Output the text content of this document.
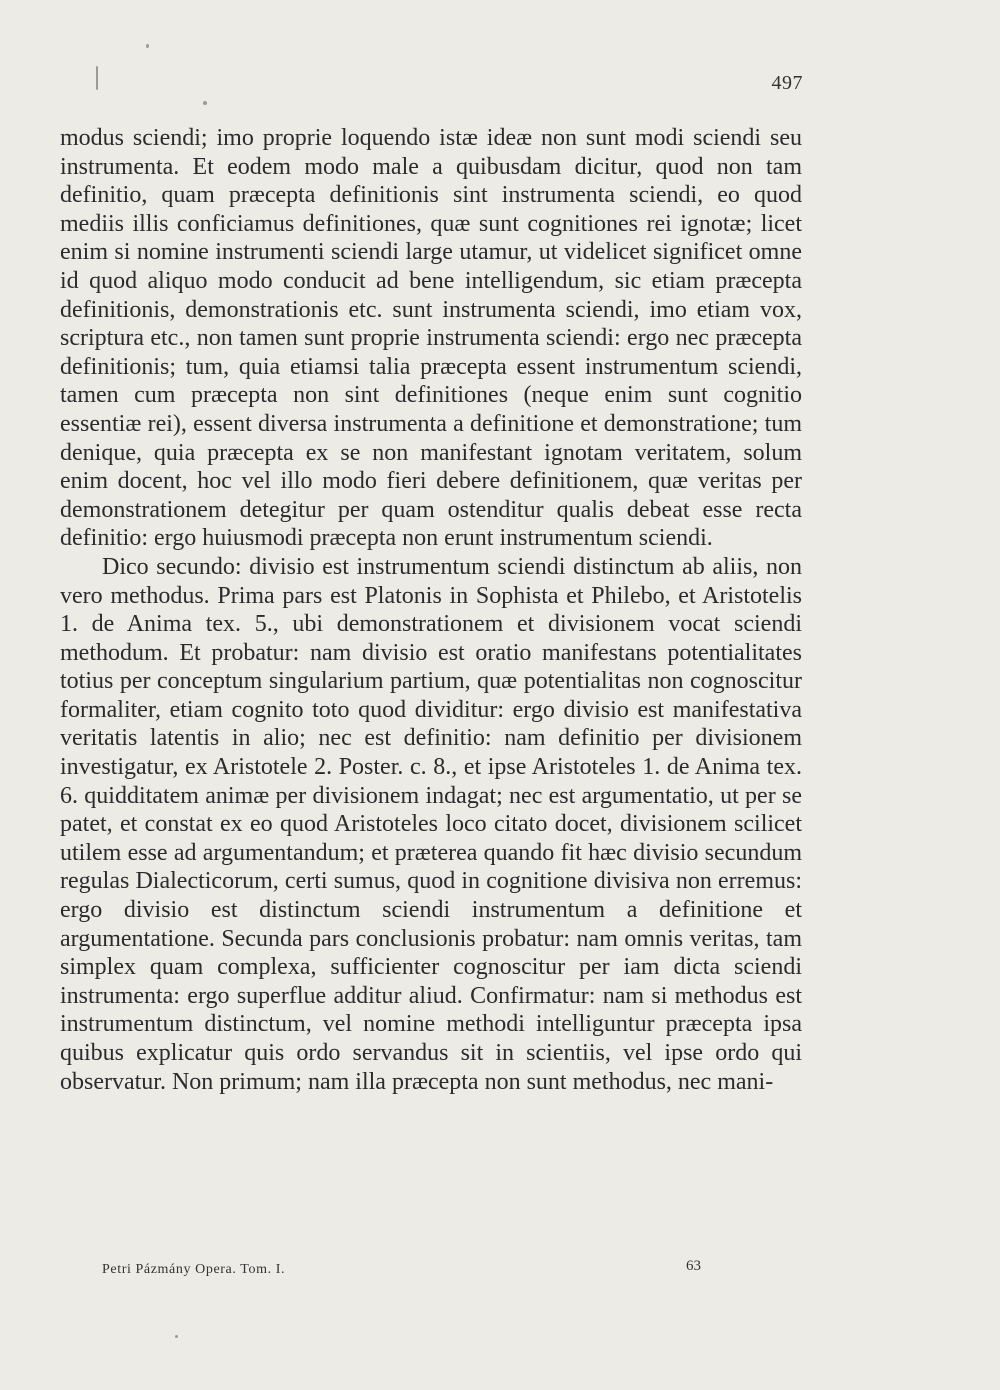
497

modus sciendi; imo proprie loquendo istæ ideæ non sunt modi sciendi seu instrumenta. Et eodem modo male a quibusdam dicitur, quod non tam definitio, quam præcepta definitionis sint instrumenta sciendi, eo quod mediis illis conficiamus definitiones, quæ sunt cognitiones rei ignotæ; licet enim si nomine instrumenti sciendi large utamur, ut videlicet significet omne id quod aliquo modo conducit ad bene intelligendum, sic etiam præcepta definitionis, demonstrationis etc. sunt instrumenta sciendi, imo etiam vox, scriptura etc., non tamen sunt proprie instrumenta sciendi: ergo nec præcepta definitionis; tum, quia etiamsi talia præcepta essent instrumentum sciendi, tamen cum præcepta non sint definitiones (neque enim sunt cognitio essentiæ rei), essent diversa instrumenta a definitione et demonstratione; tum denique, quia præcepta ex se non manifestant ignotam veritatem, solum enim docent, hoc vel illo modo fieri debere definitionem, quæ veritas per demonstrationem detegitur per quam ostenditur qualis debeat esse recta definitio: ergo huiusmodi præcepta non erunt instrumentum sciendi.

Dico secundo: divisio est instrumentum sciendi distinctum ab aliis, non vero methodus. Prima pars est Platonis in Sophista et Philebo, et Aristotelis 1. de Anima tex. 5., ubi demonstrationem et divisionem vocat sciendi methodum. Et probatur: nam divisio est oratio manifestans potentialitates totius per conceptum singularium partium, quæ potentialitas non cognoscitur formaliter, etiam cognito toto quod dividitur: ergo divisio est manifestativa veritatis latentis in alio; nec est definitio: nam definitio per divisionem investigatur, ex Aristotele 2. Poster. c. 8., et ipse Aristoteles 1. de Anima tex. 6. quidditatem animæ per divisionem indagat; nec est argumentatio, ut per se patet, et constat ex eo quod Aristoteles loco citato docet, divisionem scilicet utilem esse ad argumentandum; et præterea quando fit hæc divisio secundum regulas Dialecticorum, certi sumus, quod in cognitione divisiva non erremus: ergo divisio est distinctum sciendi instrumentum a definitione et argumentatione. Secunda pars conclusionis probatur: nam omnis veritas, tam simplex quam complexa, sufficienter cognoscitur per iam dicta sciendi instrumenta: ergo superflue additur aliud. Confirmatur: nam si methodus est instrumentum distinctum, vel nomine methodi intelliguntur præcepta ipsa quibus explicatur quis ordo servandus sit in scientiis, vel ipse ordo qui observatur. Non primum; nam illa præcepta non sunt methodus, nec mani-

Petri Pázmány Opera. Tom. I.	63
